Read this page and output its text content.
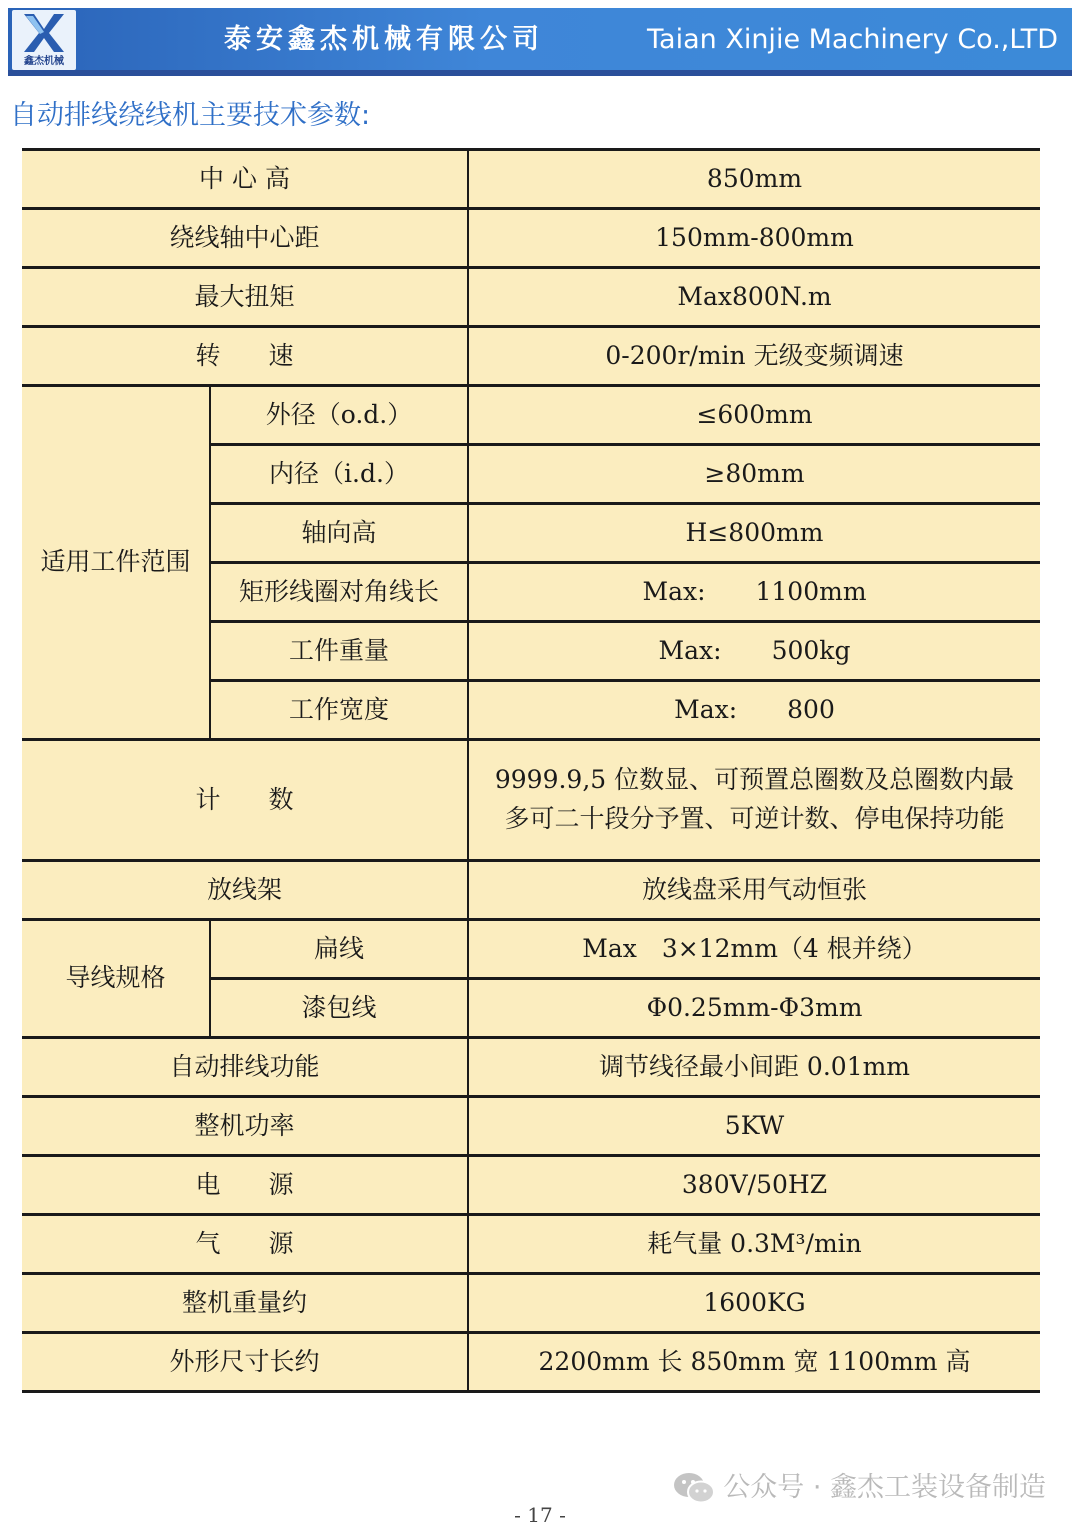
鑫杰机械
泰安鑫杰机械有限公司	Taian Xinjie Machinery Co.,LTD
自动排线绕线机主要技术参数:
中 心 高		850mm
绕线轴中心距		150mm-800mm
最大扭矩		Max800N.m
转 速		0-200r/min 无级变频调速
适用工件范围	外径（o.d.）	≤600mm
	内径（i.d.）	≥80mm
	轴向高	H≤800mm
	矩形线圈对角线长	Max:　　1100mm
	工件重量	Max:　　500kg
	工作宽度	Max:　　800
计 数		9999.9,5 位数显、可预置总圈数及总圈数内最
多可二十段分予置、可逆计数、停电保持功能

放线架		放线盘采用气动恒张
导线规格	扁线	Max　3×12mm（4 根并绕）
	漆包线	Φ0.25mm-Φ3mm
自动排线功能		调节线径最小间距 0.01mm
整机功率		5KW
电 源		380V/50HZ
气 源		耗气量 0.3M³/min
整机重量约		1600KG
外形尺寸长约		2200mm 长 850mm 宽 1100mm 高
公众号 · 鑫杰工装设备制造
- 17 -
